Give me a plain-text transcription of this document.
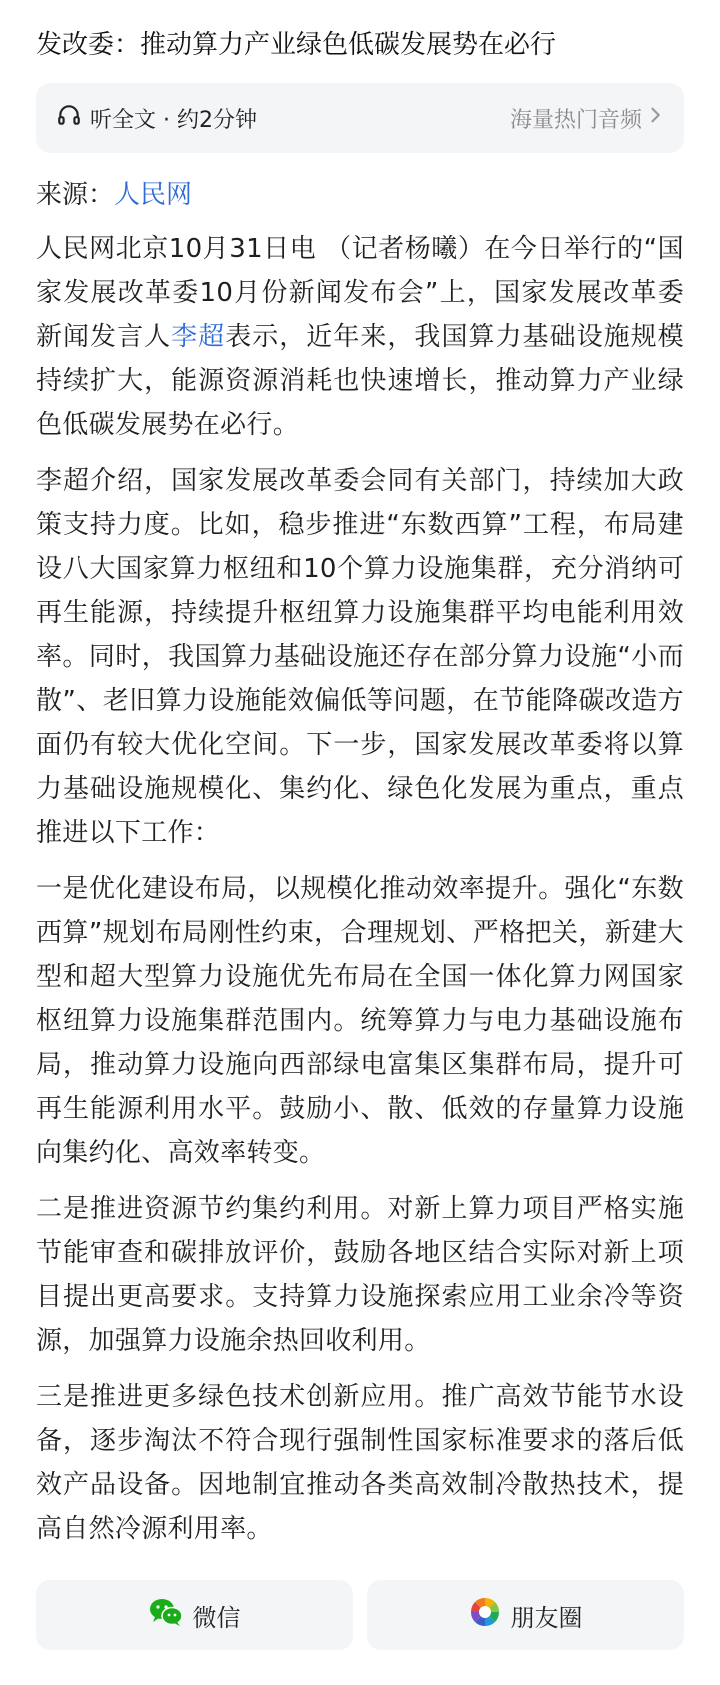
发改委：推动算力产业绿色低碳发展势在必行
听全文 · 约2分钟	海量热门音频
来源：人民网

人民网北京10月31日电 （记者杨曦）在今日举行的“国家发展改革委10月份新闻发布会”上，国家发展改革委新闻发言人李超表示，近年来，我国算力基础设施规模持续扩大，能源资源消耗也快速增长，推动算力产业绿色低碳发展势在必行。

李超介绍，国家发展改革委会同有关部门，持续加大政策支持力度。比如，稳步推进“东数西算”工程，布局建设八大国家算力枢纽和10个算力设施集群，充分消纳可再生能源，持续提升枢纽算力设施集群平均电能利用效率。同时，我国算力基础设施还存在部分算力设施“小而散”、老旧算力设施能效偏低等问题，在节能降碳改造方面仍有较大优化空间。下一步，国家发展改革委将以算力基础设施规模化、集约化、绿色化发展为重点，重点推进以下工作：

一是优化建设布局，以规模化推动效率提升。强化“东数西算”规划布局刚性约束，合理规划、严格把关，新建大型和超大型算力设施优先布局在全国一体化算力网国家枢纽算力设施集群范围内。统筹算力与电力基础设施布局，推动算力设施向西部绿电富集区集群布局，提升可再生能源利用水平。鼓励小、散、低效的存量算力设施向集约化、高效率转变。

二是推进资源节约集约利用。对新上算力项目严格实施节能审查和碳排放评价，鼓励各地区结合实际对新上项目提出更高要求。支持算力设施探索应用工业余冷等资源，加强算力设施余热回收利用。

三是推进更多绿色技术创新应用。推广高效节能节水设备，逐步淘汰不符合现行强制性国家标准要求的落后低效产品设备。因地制宜推动各类高效制冷散热技术，提高自然冷源利用率。

微信	朋友圈
